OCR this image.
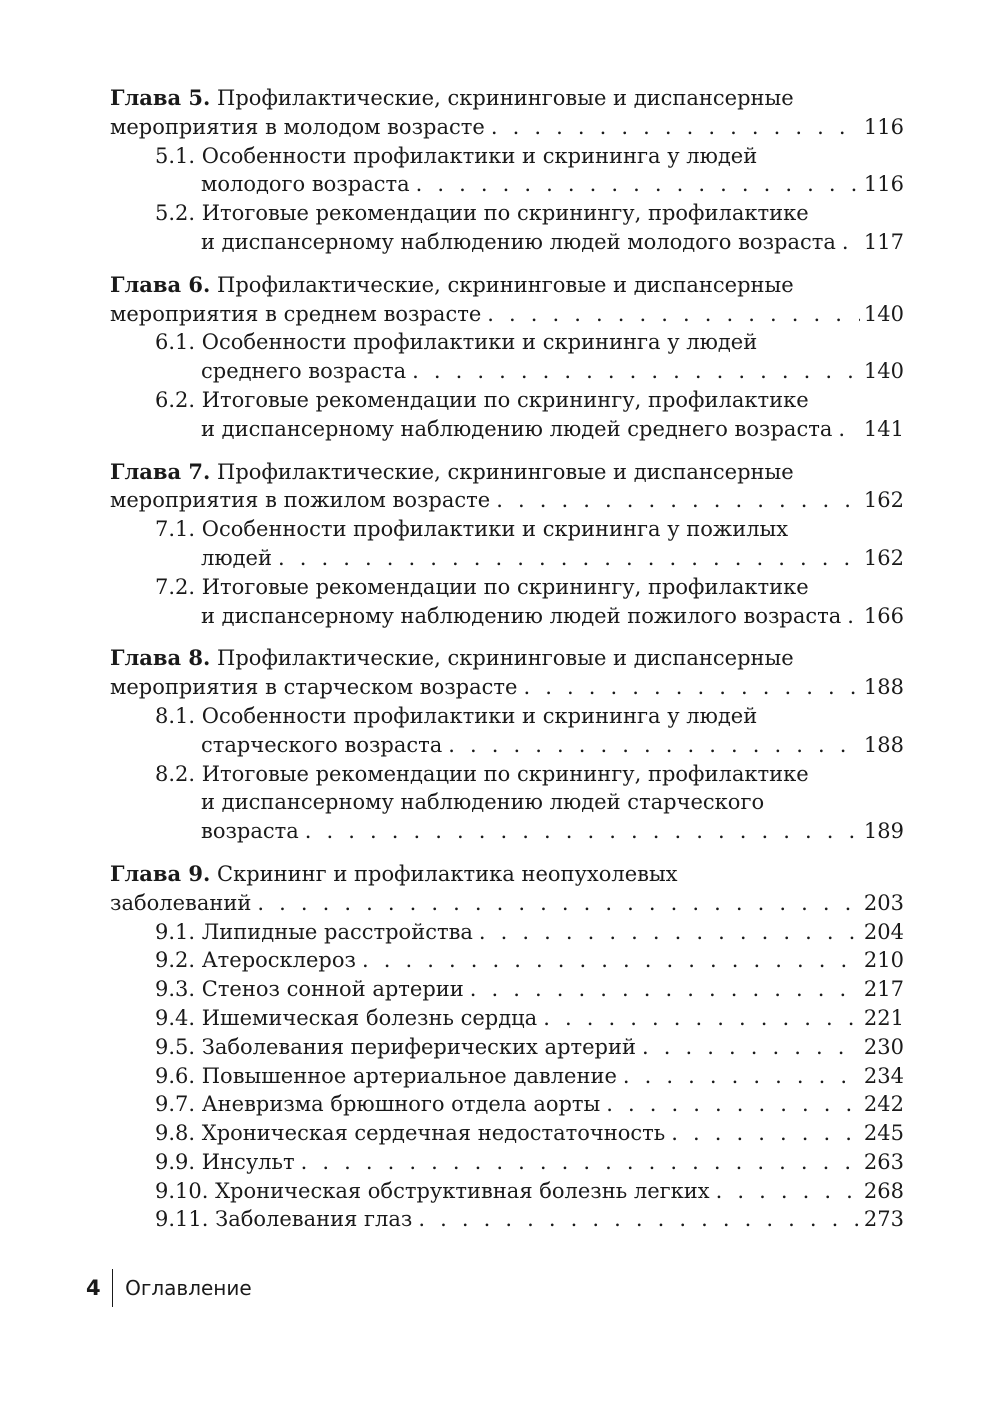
Глава 5. Профилактические, скрининговые и диспансерные
мероприятия в молодом возрасте . . .	116
5.1. Особенности профилактики и скрининга у людей
молодого возраста . . .	116
5.2. Итоговые рекомендации по скринингу, профилактике
и диспансерному наблюдению людей молодого возраста . . . 117
Глава 6. Профилактические, скрининговые и диспансерные
мероприятия в среднем возрасте . . .	140
6.1. Особенности профилактики и скрининга у людей
среднего возраста . . .	140
6.2. Итоговые рекомендации по скринингу, профилактике
и диспансерному наблюдению людей среднего возраста . . . 141
Глава 7. Профилактические, скрининговые и диспансерные
мероприятия в пожилом возрасте . . .	162
7.1. Особенности профилактики и скрининга у пожилых
людей . . .	162
7.2. Итоговые рекомендации по скринингу, профилактике
и диспансерному наблюдению людей пожилого возраста . . . 166
Глава 8. Профилактические, скрининговые и диспансерные
мероприятия в старческом возрасте . . .	188
8.1. Особенности профилактики и скрининга у людей
старческого возраста . . .	188
8.2. Итоговые рекомендации по скринингу, профилактике
и диспансерному наблюдению людей старческого
возраста . . .	189
Глава 9. Скрининг и профилактика неопухолевых
заболеваний . . .	203
9.1. Липидные расстройства . . .	204
9.2. Атеросклероз . . .	210
9.3. Стеноз сонной артерии . . .	217
9.4. Ишемическая болезнь сердца . . .	221
9.5. Заболевания периферических артерий . . .	230
9.6. Повышенное артериальное давление . . .	234
9.7. Аневризма брюшного отдела аорты . . .	242
9.8. Хроническая сердечная недостаточность . . .	245
9.9. Инсульт . . .	263
9.10. Хроническая обструктивная болезнь легких . . .	268
9.11. Заболевания глаз . . .	273
4 Оглавление
